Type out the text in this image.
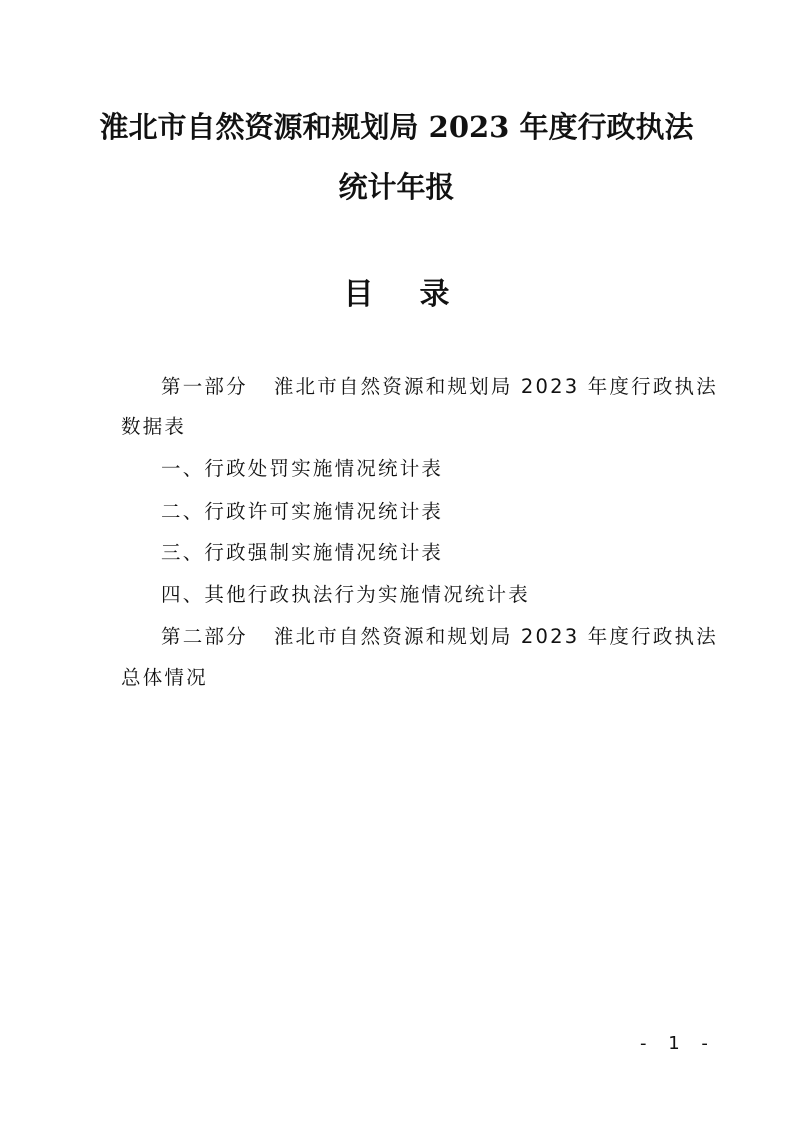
淮北市自然资源和规划局 2023 年度行政执法
统计年报
目 录
第一部分 淮北市自然资源和规划局 2023 年度行政执法
数据表
一、行政处罚实施情况统计表
二、行政许可实施情况统计表
三、行政强制实施情况统计表
四、其他行政执法行为实施情况统计表
第二部分 淮北市自然资源和规划局 2023 年度行政执法
总体情况
- 1 -
